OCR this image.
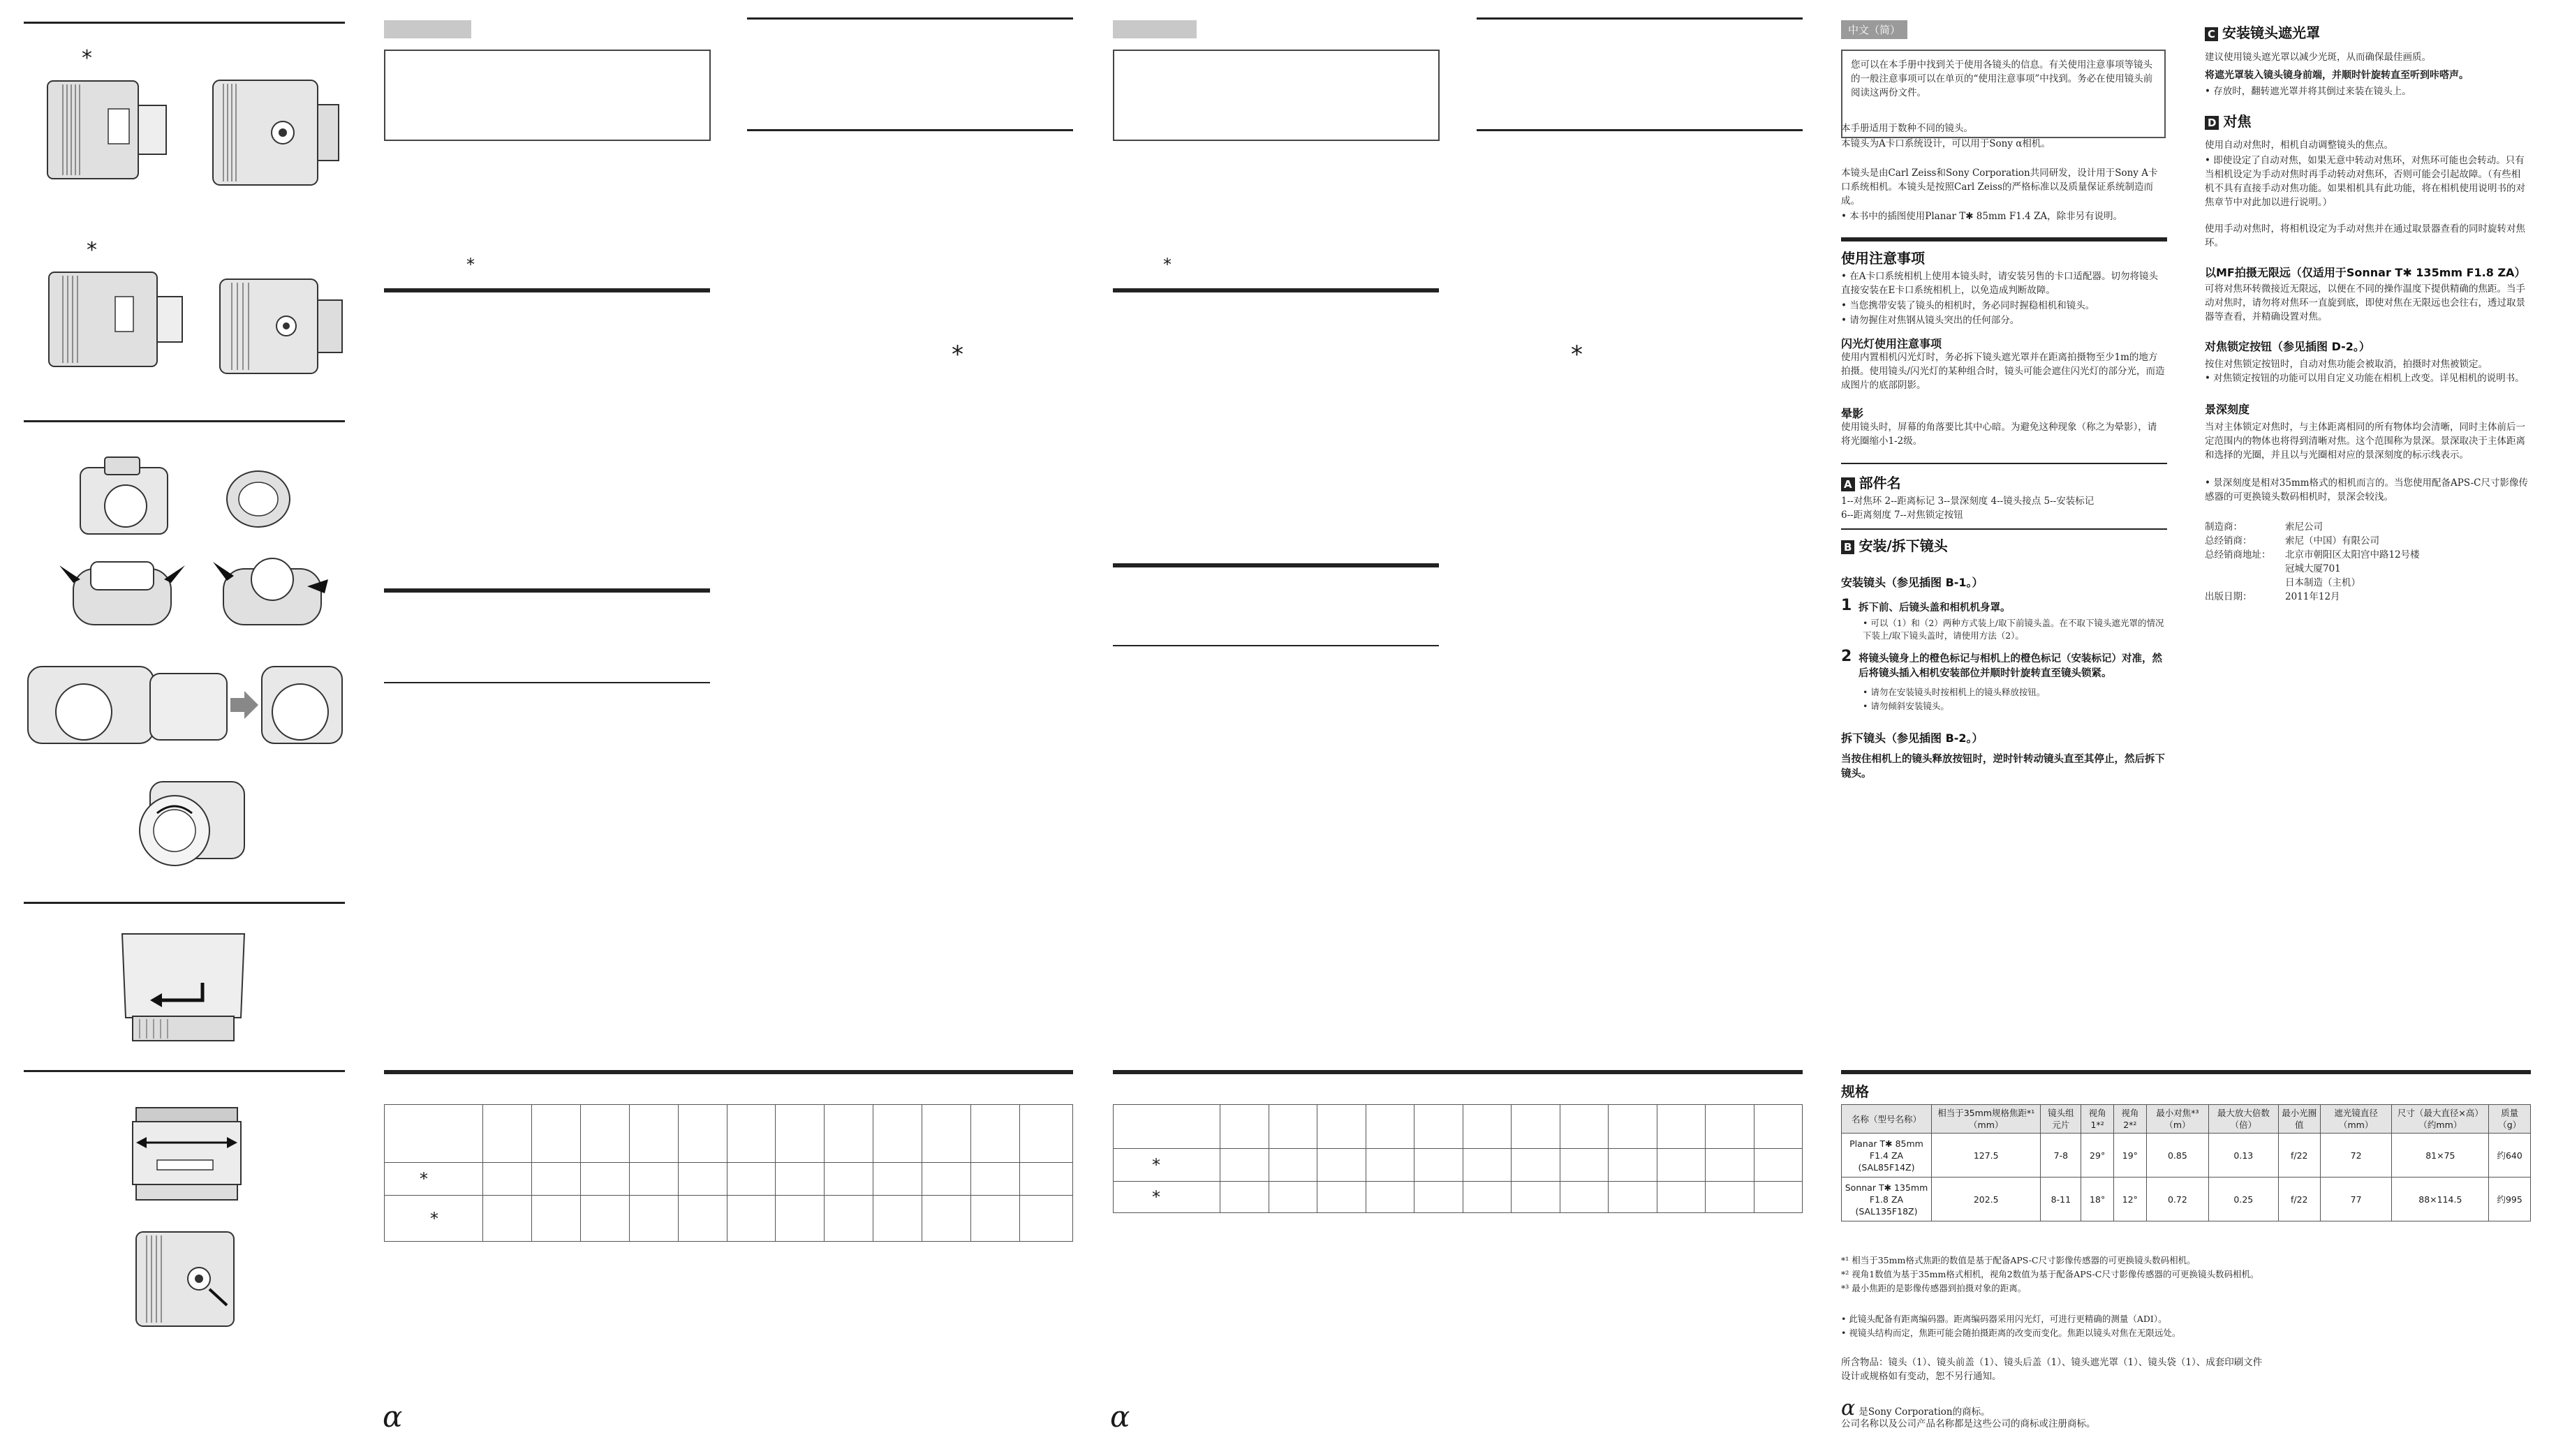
*
*
*
*

*												
*												
α
*
*

*												
*												
α
中文（简）
您可以在本手册中找到关于使用各镜头的信息。有关使用注意事项等镜头的一般注意事项可以在单页的“使用注意事项”中找到。务必在使用镜头前阅读这两份文件。
本手册适用于数种不同的镜头。
本镜头为A卡口系统设计，可以用于Sony α相机。
本镜头是由Carl Zeiss和Sony Corporation共同研发，设计用于Sony A卡口系统相机。本镜头是按照Carl Zeiss的严格标准以及质量保证系统制造而成。
• 本书中的插图使用Planar T✱ 85mm F1.4 ZA，除非另有说明。
使用注意事项
• 在A卡口系统相机上使用本镜头时，请安装另售的卡口适配器。切勿将镜头直接安装在E卡口系统相机上，以免造成判断故障。
• 当您携带安装了镜头的相机时，务必同时握稳相机和镜头。
• 请勿握住对焦钢从镜头突出的任何部分。
闪光灯使用注意事项
使用内置相机闪光灯时，务必拆下镜头遮光罩并在距离拍摄物至少1m的地方拍摄。使用镜头/闪光灯的某种组合时，镜头可能会遮住闪光灯的部分光，而造成图片的底部阴影。
晕影
使用镜头时，屏幕的角落要比其中心暗。为避免这种现象（称之为晕影），请将光圈缩小1-2级。
A 部件名
1--对焦环 2--距离标记 3--景深刻度 4--镜头接点 5--安装标记
6--距离刻度 7--对焦锁定按钮
B 安装/拆下镜头
安装镜头（参见插图 B-1。）
1 拆下前、后镜头盖和相机机身罩。
• 可以（1）和（2）两种方式装上/取下前镜头盖。在不取下镜头遮光罩的情况下装上/取下镜头盖时，请使用方法（2）。
2 将镜头镜身上的橙色标记与相机上的橙色标记（安装标记）对准，然后将镜头插入相机安装部位并顺时针旋转直至镜头锁紧。
• 请勿在安装镜头时按相机上的镜头释放按钮。
• 请勿倾斜安装镜头。
拆下镜头（参见插图 B-2。）
当按住相机上的镜头释放按钮时，逆时针转动镜头直至其停止，然后拆下镜头。
C 安装镜头遮光罩
建议使用镜头遮光罩以减少光斑，从而确保最佳画质。
将遮光罩装入镜头镜身前端，并顺时针旋转直至听到咔嗒声。
• 存放时，翻转遮光罩并将其倒过来装在镜头上。
D 对焦
使用自动对焦时，相机自动调整镜头的焦点。
• 即使设定了自动对焦，如果无意中转动对焦环，对焦环可能也会转动。只有当相机设定为手动对焦时再手动转动对焦环，否则可能会引起故障。（有些相机不具有直接手动对焦功能。如果相机具有此功能，将在相机使用说明书的对焦章节中对此加以进行说明。）
使用手动对焦时，将相机设定为手动对焦并在通过取景器查看的同时旋转对焦环。
以MF拍摄无限远（仅适用于Sonnar T✱ 135mm F1.8 ZA）
可将对焦环转微接近无限远，以便在不同的操作温度下提供精确的焦距。当手动对焦时，请勿将对焦环一直旋到底，即使对焦在无限远也会往右，透过取景器等查看，并精确设置对焦。
对焦锁定按钮（参见插图 D-2。）
按住对焦锁定按钮时，自动对焦功能会被取消，拍摄时对焦被锁定。
• 对焦锁定按钮的功能可以用自定义功能在相机上改变。详见相机的说明书。
景深刻度
当对主体锁定对焦时，与主体距离相同的所有物体均会清晰，同时主体前后一定范围内的物体也将得到清晰对焦。这个范围称为景深。景深取决于主体距离和选择的光圈，并且以与光圈相对应的景深刻度的标示线表示。
• 景深刻度是相对35mm格式的相机而言的。当您使用配备APS-C尺寸影像传感器的可更换镜头数码相机时，景深会较浅。
制造商：	索尼公司
总经销商：	索尼（中国）有限公司
总经销商地址： 北京市朝阳区太阳宫中路12号楼
冠城大厦701
日本制造（主机）
出版日期：	2011年12月
规格
名称（型号名称）	相当于35mm规格焦距*¹（mm）	镜头组元片	视角1*²	视角2*²	最小对焦*³（m）	最大放大倍数（倍）	最小光圈值	遮光镜直径（mm）	尺寸（最大直径×高）（约mm）	质量（g）
Planar T✱ 85mm F1.4 ZA (SAL85F14Z)	127.5	7-8	29°	19°	0.85	0.13	f/22	72	81×75	约640
Sonnar T✱ 135mm F1.8 ZA (SAL135F18Z)	202.5	8-11	18°	12°	0.72	0.25	f/22	77	88×114.5	约995
*¹ 相当于35mm格式焦距的数值是基于配备APS-C尺寸影像传感器的可更换镜头数码相机。
*² 视角1数值为基于35mm格式相机，视角2数值为基于配备APS-C尺寸影像传感器的可更换镜头数码相机。
*³ 最小焦距的是影像传感器到拍摄对象的距离。
• 此镜头配备有距离编码器。距离编码器采用闪光灯，可进行更精确的测量（ADI）。
• 视镜头结构而定，焦距可能会随拍摄距离的改变而变化。焦距以镜头对焦在无限远处。
所含物品：镜头（1）、镜头前盖（1）、镜头后盖（1）、镜头遮光罩（1）、镜头袋（1）、成套印刷文件
设计或规格如有变动，恕不另行通知。
α 是Sony Corporation的商标。
公司名称以及公司产品名称都是这些公司的商标或注册商标。
